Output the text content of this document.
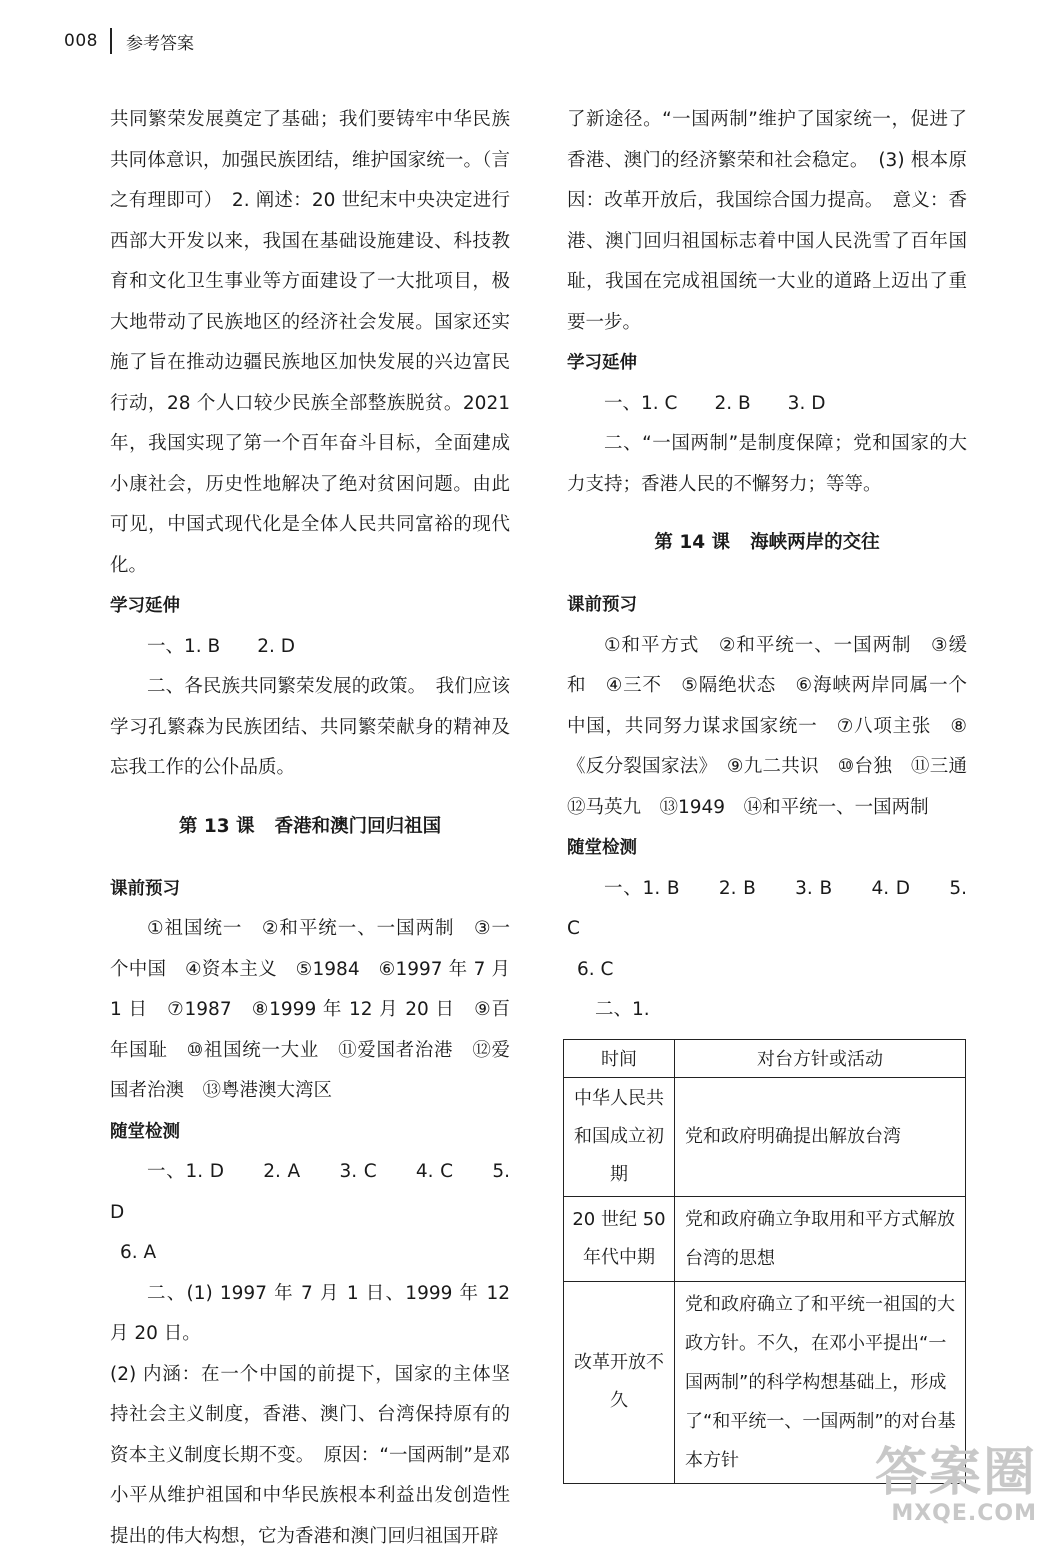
008 参考答案

共同繁荣发展奠定了基础；我们要铸牢中华民族共同体意识，加强民族团结，维护国家统一。（言之有理即可）　2. 阐述：20 世纪末中央决定进行西部大开发以来，我国在基础设施建设、科技教育和文化卫生事业等方面建设了一大批项目，极大地带动了民族地区的经济社会发展。国家还实施了旨在推动边疆民族地区加快发展的兴边富民行动，28 个人口较少民族全部整族脱贫。2021 年，我国实现了第一个百年奋斗目标，全面建成小康社会，历史性地解决了绝对贫困问题。由此可见，中国式现代化是全体人民共同富裕的现代化。

学习延伸

一、1. B　　2. D

二、各民族共同繁荣发展的政策。　我们应该学习孔繁森为民族团结、共同繁荣献身的精神及忘我工作的公仆品质。

第 13 课 香港和澳门回归祖国

课前预习

①祖国统一　②和平统一、一国两制　③一个中国　④资本主义　⑤1984　⑥1997 年 7 月 1 日　⑦1987　⑧1999 年 12 月 20 日　⑨百年国耻　⑩祖国统一大业　⑪爱国者治港　⑫爱国者治澳　⑬粤港澳大湾区

随堂检测

一、1. D　　2. A　　3. C　　4. C　　5. D

6. A

二、(1) 1997 年 7 月 1 日、1999 年 12 月 20 日。

(2) 内涵：在一个中国的前提下，国家的主体坚持社会主义制度，香港、澳门、台湾保持原有的资本主义制度长期不变。　原因：“一国两制”是邓小平从维护祖国和中华民族根本利益出发创造性提出的伟大构想，它为香港和澳门回归祖国开辟

了新途径。“一国两制”维护了国家统一，促进了香港、澳门的经济繁荣和社会稳定。　(3) 根本原因：改革开放后，我国综合国力提高。　意义：香港、澳门回归祖国标志着中国人民洗雪了百年国耻，我国在完成祖国统一大业的道路上迈出了重要一步。

学习延伸

一、1. C　　2. B　　3. D

二、“一国两制”是制度保障；党和国家的大力支持；香港人民的不懈努力；等等。

第 14 课 海峡两岸的交往

课前预习

①和平方式　②和平统一、一国两制　③缓和　④三不　⑤隔绝状态　⑥海峡两岸同属一个中国，共同努力谋求国家统一　⑦八项主张　⑧《反分裂国家法》　⑨九二共识　⑩台独　⑪三通　⑫马英九　⑬1949　⑭和平统一、一国两制

随堂检测

一、1. B　　2. B　　3. B　　4. D　　5. C

6. C

二、1.

时间	对台方针或活动
中华人民共和国成立初期	党和政府明确提出解放台湾
20 世纪 50 年代中期	党和政府确立争取用和平方式解放台湾的思想
改革开放不久	党和政府确立了和平统一祖国的大政方针。不久，在邓小平提出“一国两制”的科学构想基础上，形成了“和平统一、一国两制”的对台基本方针	答案圈
MXQE.COM
